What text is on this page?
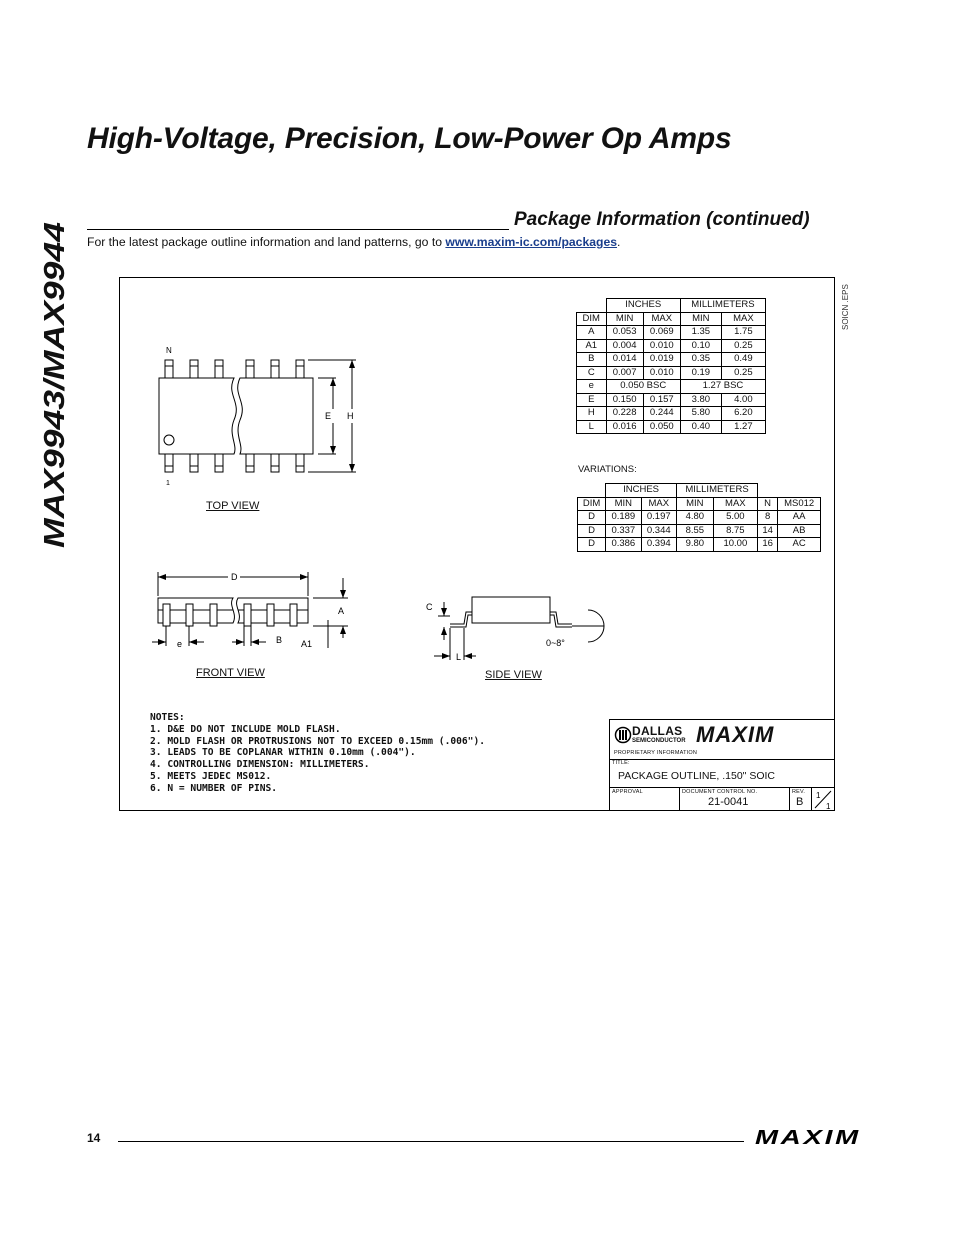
High-Voltage, Precision, Low-Power Op Amps
MAX9943/MAX9944
Package Information (continued)
For the latest package outline information and land patterns, go to www.maxim-ic.com/packages.
SOICN .EPS
	INCHES		MILLIMETERS	
DIM	MIN	MAX	MIN	MAX
A	0.053	0.069	1.35	1.75
A1	0.004	0.010	0.10	0.25
B	0.014	0.019	0.35	0.49
C	0.007	0.010	0.19	0.25
e	0.050 BSC		1.27 BSC	
E	0.150	0.157	3.80	4.00
H	0.228	0.244	5.80	6.20
L	0.016	0.050	0.40	1.27
VARIATIONS:
	INCHES		MILLIMETERS			
DIM	MIN	MAX	MIN	MAX	N	MS012
D	0.189	0.197	4.80	5.00	8	AA
D	0.337	0.344	8.55	8.75	14	AB
D	0.386	0.394	9.80	10.00	16	AC
N
1
E H
TOP VIEW
D
A
A1
B
e
FRONT VIEW
C
L
0~8°
SIDE VIEW
NOTES:
1. D&E DO NOT INCLUDE MOLD FLASH.
2. MOLD FLASH OR PROTRUSIONS NOT TO EXCEED 0.15mm (.006").
3. LEADS TO BE COPLANAR WITHIN 0.10mm (.004").
4. CONTROLLING DIMENSION: MILLIMETERS.
5. MEETS JEDEC MS012.
6. N = NUMBER OF PINS.
DALLAS
SEMICONDUCTOR MAXIM
PROPRIETARY INFORMATION
TITLE:
PACKAGE OUTLINE, .150" SOIC
APPROVAL	DOCUMENT CONTROL NO.
21-0041
REV.
B
1
1
14	MAXIM
